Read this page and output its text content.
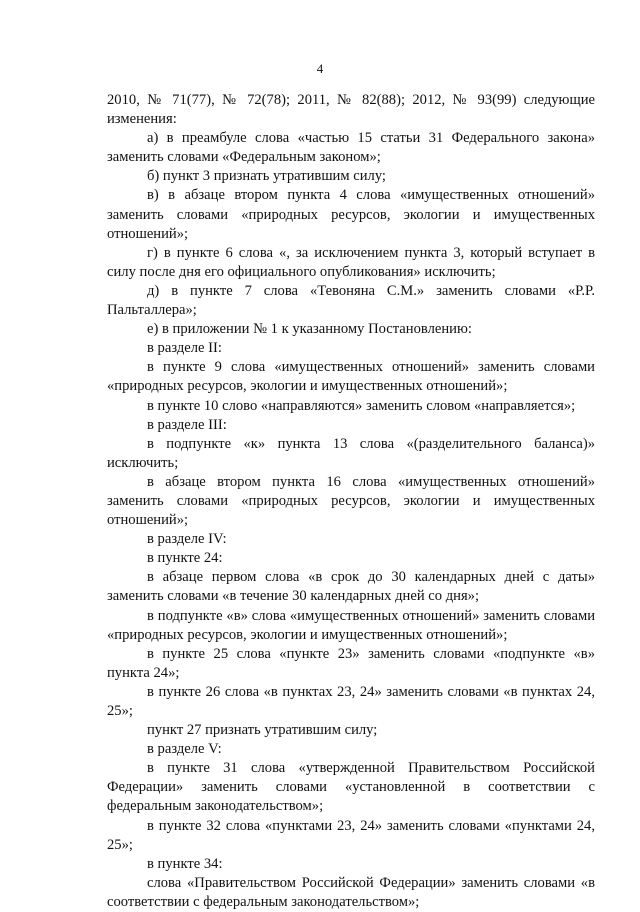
4

2010, № 71(77), № 72(78); 2011, № 82(88); 2012, № 93(99) следующие изменения:

а) в преамбуле слова «частью 15 статьи 31 Федерального закона» заменить словами «Федеральным законом»;

б) пункт 3 признать утратившим силу;

в) в абзаце втором пункта 4 слова «имущественных отношений» заменить словами «природных ресурсов, экологии и имущественных отношений»;

г) в пункте 6 слова «, за исключением пункта 3, который вступает в силу после дня его официального опубликования» исключить;

д) в пункте 7 слова «Тевоняна С.М.» заменить словами «Р.Р. Пальталлера»;

е) в приложении № 1 к указанному Постановлению:

в разделе II:

в пункте 9 слова «имущественных отношений» заменить словами «природных ресурсов, экологии и имущественных отношений»;

в пункте 10 слово «направляются» заменить словом «направляется»;

в разделе III:

в подпункте «к» пункта 13 слова «(разделительного баланса)» исключить;

в абзаце втором пункта 16 слова «имущественных отношений» заменить словами «природных ресурсов, экологии и имущественных отношений»;

в разделе IV:

в пункте 24:

в абзаце первом слова «в срок до 30 календарных дней с даты» заменить словами «в течение 30 календарных дней со дня»;

в подпункте «в» слова «имущественных отношений» заменить словами «природных ресурсов, экологии и имущественных отношений»;

в пункте 25 слова «пункте 23» заменить словами «подпункте «в» пункта 24»;

в пункте 26 слова «в пунктах 23, 24» заменить словами «в пунктах 24, 25»;

пункт 27 признать утратившим силу;

в разделе V:

в пункте 31 слова «утвержденной Правительством Российской Федерации» заменить словами «установленной в соответствии с федеральным законодательством»;

в пункте 32 слова «пунктами 23, 24» заменить словами «пунктами 24, 25»;

в пункте 34:

слова «Правительством Российской Федерации» заменить словами «в соответствии с федеральным законодательством»;
